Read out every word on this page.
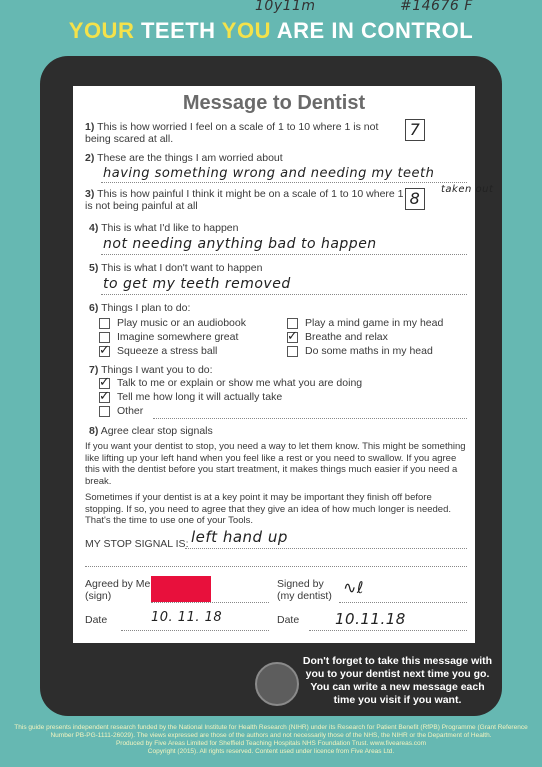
10y11m	#14676 F
YOUR TEETH YOU ARE IN CONTROL
Don't forget to take this message with you to your dentist next time you go. You can write a new message each time you visit if you want.
Message to Dentist
1) This is how worried I feel on a scale of 1 to 10 where 1 is not being scared at all.	7
2) These are the things I am worried about
having something wrong and needing my teeth
taken out
3) This is how painful I think it might be on a scale of 1 to 10 where 1 is not being painful at all	8
4) This is what I'd like to happen
not needing anything bad to happen
5) This is what I don't want to happen
to get my teeth removed
6) Things I plan to do:
Play music or an audiobook
Imagine somewhere great
✓ Squeeze a stress ball
Play a mind game in my head
✓ Breathe and relax
Do some maths in my head
7) Things I want you to do:
✓ Talk to me or explain or show me what you are doing
✓ Tell me how long it will actually take
Other
8) Agree clear stop signals
If you want your dentist to stop, you need a way to let them know. This might be something like lifting up your left hand when you feel like a rest or you need to swallow. If you agree this with the dentist before you start treatment, it makes things much easier if you need a break.
Sometimes if your dentist is at a key point it may be important they finish off before stopping. If so, you need to agree that they give an idea of how much longer is needed. That's the time to use one of your Tools.
MY STOP SIGNAL IS: left hand up
Agreed by Me
(sign)
Signed by
(my dentist) ∿ℓ
Date	10. 11. 18	Date 10.11.18
This guide presents independent research funded by the National Institute for Health Research (NIHR) under its Research for Patient Benefit (RfPB) Programme (Grant Reference Number PB-PG-1111-26029). The views expressed are those of the authors and not necessarily those of the NHS, the NIHR or the Department of Health.
Produced by Five Areas Limited for Sheffield Teaching Hospitals NHS Foundation Trust. www.fiveareas.com
Copyright (2015). All rights reserved. Content used under licence from Five Areas Ltd.
